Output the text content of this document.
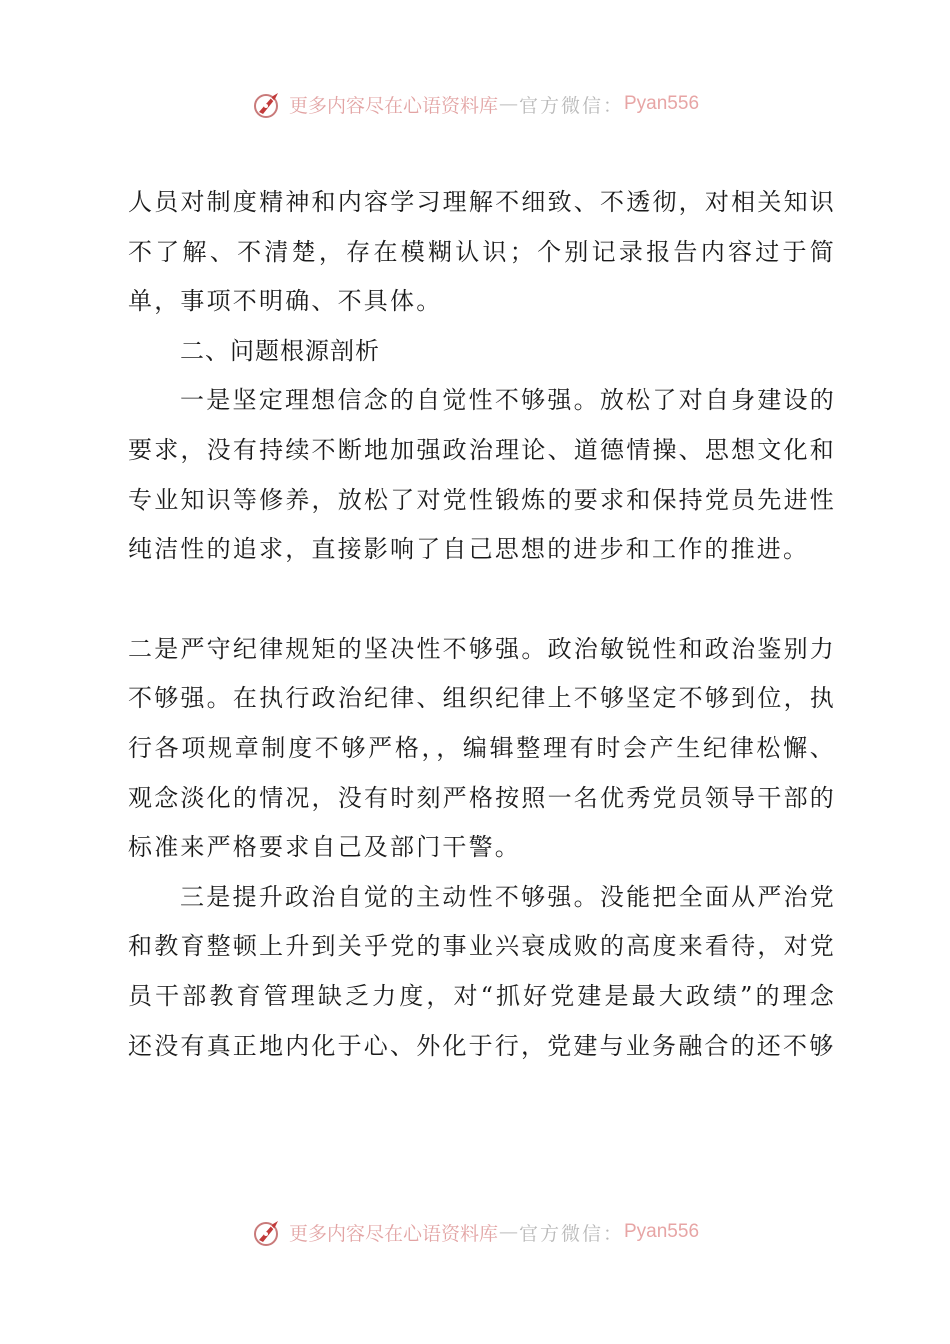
更多内容尽在心语资料库 — 官方微信： Pyan556

人员对制度精神和内容学习理解不细致、不透彻，对相关知识不了解、不清楚，存在模糊认识；个别记录报告内容过于简单，事项不明确、不具体。

二、问题根源剖析

一是坚定理想信念的自觉性不够强。放松了对自身建设的要求，没有持续不断地加强政治理论、道德情操、思想文化和专业知识等修养，放松了对党性锻炼的要求和保持党员先进性纯洁性的追求，直接影响了自己思想的进步和工作的推进。

二是严守纪律规矩的坚决性不够强。政治敏锐性和政治鉴别力不够强。在执行政治纪律、组织纪律上不够坚定不够到位，执行各项规章制度不够严格，，编辑整理有时会产生纪律松懈、观念淡化的情况，没有时刻严格按照一名优秀党员领导干部的标准来严格要求自己及部门干警。

三是提升政治自觉的主动性不够强。没能把全面从严治党和教育整顿上升到关乎党的事业兴衰成败的高度来看待，对党员干部教育管理缺乏力度，对“抓好党建是最大政绩”的理念还没有真正地内化于心、外化于行，党建与业务融合的还不够

更多内容尽在心语资料库 — 官方微信： Pyan556
